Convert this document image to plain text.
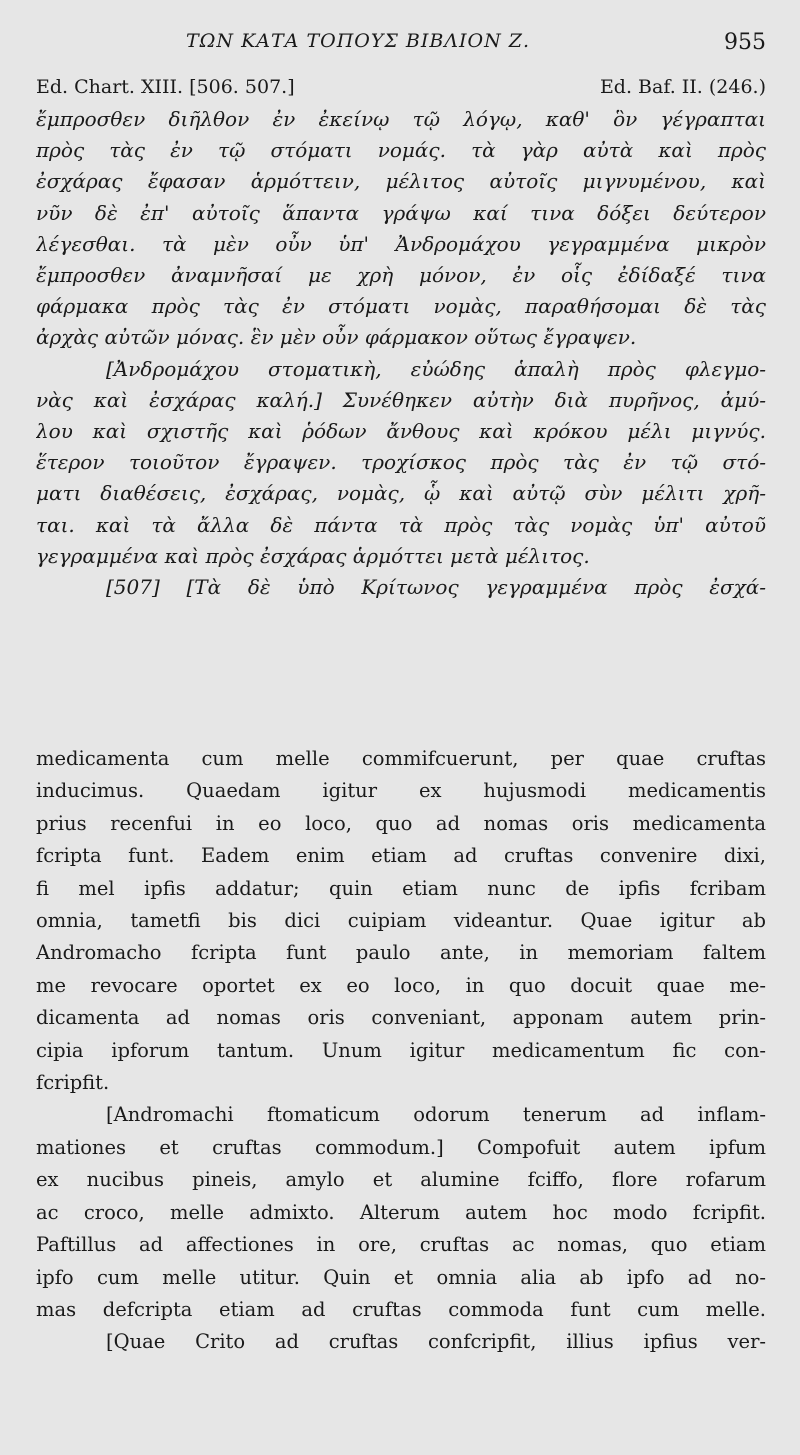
ΤΩΝ ΚΑΤΑ ΤΟΠΟΥΣ ΒΙΒΛΙΟΝ Ζ.	955
Ed. Chart. XIII. [506. 507.]	Ed. Baf. II. (246.)
ἔμπροσθεν διῆλθον ἐν ἐκείνῳ τῷ λόγῳ, καθ' ὃν γέγραπται
πρὸς τὰς ἐν τῷ στόματι νομάς. τὰ γὰρ αὐτὰ καὶ πρὸς
ἐσχάρας ἔφασαν ἁρμόττειν, μέλιτος αὐτοῖς μιγνυμένου, καὶ
νῦν δὲ ἐπ' αὐτοῖς ἅπαντα γράψω καί τινα δόξει δεύτερον
λέγεσθαι. τὰ μὲν οὖν ὑπ' Ἀνδρομάχου γεγραμμένα μικρὸν
ἔμπροσθεν ἀναμνῆσαί με χρὴ μόνον, ἐν οἷς ἐδίδαξέ τινα
φάρμακα πρὸς τὰς ἐν στόματι νομὰς, παραθήσομαι δὲ τὰς
ἀρχὰς αὐτῶν μόνας. ἓν μὲν οὖν φάρμακον οὕτως ἔγραψεν.
[Ἀνδρομάχου στοματικὴ, εὐώδης ἁπαλὴ πρὸς φλεγμο-
νὰς καὶ ἐσχάρας καλή.] Συνέθηκεν αὐτὴν διὰ πυρῆνος, ἀμύ-
λου καὶ σχιστῆς καὶ ῥόδων ἄνθους καὶ κρόκου μέλι μιγνύς.
ἕτερον τοιοῦτον ἔγραψεν. τροχίσκος πρὸς τὰς ἐν τῷ στό-
ματι διαθέσεις, ἐσχάρας, νομὰς, ᾧ καὶ αὐτῷ σὺν μέλιτι χρῆ-
ται. καὶ τὰ ἄλλα δὲ πάντα τὰ πρὸς τὰς νομὰς ὑπ' αὐτοῦ
γεγραμμένα καὶ πρὸς ἐσχάρας ἁρμόττει μετὰ μέλιτος.
[507] [Τὰ δὲ ὑπὸ Κρίτωνος γεγραμμένα πρὸς ἐσχά-
medicamenta cum melle commifcuerunt, per quae cruftas
inducimus. Quaedam igitur ex hujusmodi medicamentis
prius recenfui in eo loco, quo ad nomas oris medicamenta
fcripta funt. Eadem enim etiam ad cruftas convenire dixi,
fi mel ipfis addatur; quin etiam nunc de ipfis fcribam
omnia, tametfi bis dici cuipiam videantur. Quae igitur ab
Andromacho fcripta funt paulo ante, in memoriam faltem
me revocare oportet ex eo loco, in quo docuit quae me-
dicamenta ad nomas oris conveniant, apponam autem prin-
cipia ipforum tantum. Unum igitur medicamentum fic con-
fcripfit.
[Andromachi ftomaticum odorum tenerum ad inflam-
mationes et cruftas commodum.] Compofuit autem ipfum
ex nucibus pineis, amylo et alumine fciffo, flore rofarum
ac croco, melle admixto. Alterum autem hoc modo fcripfit.
Paftillus ad affectiones in ore, cruftas ac nomas, quo etiam
ipfo cum melle utitur. Quin et omnia alia ab ipfo ad no-
mas defcripta etiam ad cruftas commoda funt cum melle.
[Quae Crito ad cruftas confcripfit, illius ipfius ver-
